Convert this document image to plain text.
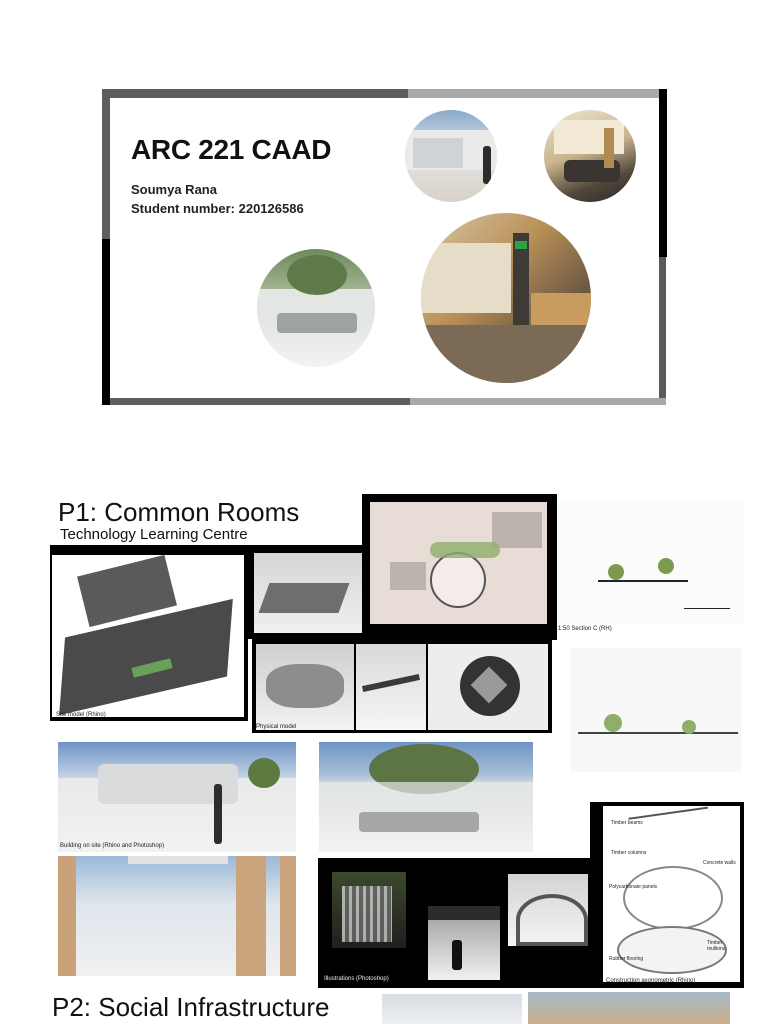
ARC 221 CAAD
Soumya Rana
Student number: 220126586
P1: Common Rooms
Technology Learning Centre
Site model (Rhino)
Physical model
1:50 Section C (RH)
Building on site (Rhino and Photoshop)
Illustrations (Photoshop)
Timber beams
Timber columns
Concrete walls
Polycarbonate panels
Timber mullions
Rubber flooring
Construction axonometric (Rhino)
P2: Social Infrastructure
